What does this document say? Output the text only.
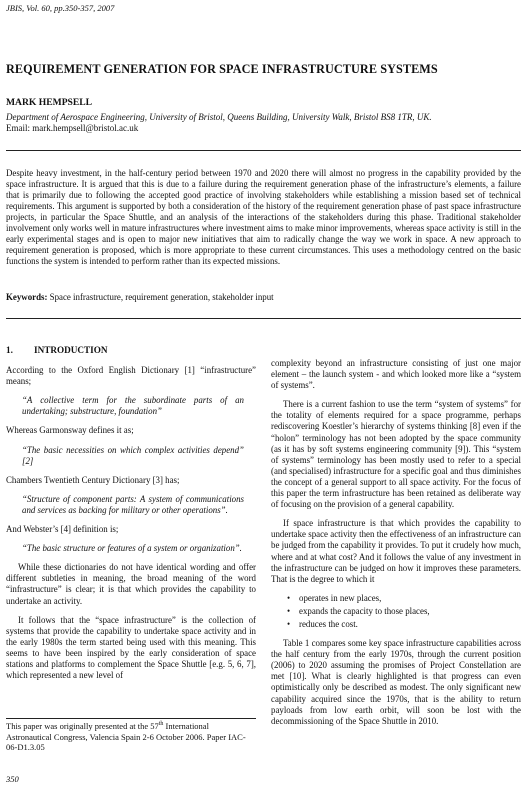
JBIS, Vol. 60, pp.350-357, 2007
REQUIREMENT GENERATION FOR SPACE INFRASTRUCTURE SYSTEMS
MARK HEMPSELL
Department of Aerospace Engineering, University of Bristol, Queens Building, University Walk, Bristol BS8 1TR, UK.
Email: mark.hempsell@bristol.ac.uk
Despite heavy investment, in the half-century period between 1970 and 2020 there will almost no progress in the capability provided by the space infrastructure. It is argued that this is due to a failure during the requirement generation phase of the infrastructure’s elements, a failure that is primarily due to following the accepted good practice of involving stakeholders while establishing a mission based set of technical requirements. This argument is supported by both a consideration of the history of the requirement generation phase of past space infrastructure projects, in particular the Space Shuttle, and an analysis of the interactions of the stakeholders during this phase. Traditional stakeholder involvement only works well in mature infrastructures where investment aims to make minor improvements, whereas space activity is still in the early experimental stages and is open to major new initiatives that aim to radically change the way we work in space. A new approach to requirement generation is proposed, which is more appropriate to these current circumstances. This uses a methodology centred on the basic functions the system is intended to perform rather than its expected missions.
Keywords: Space infrastructure, requirement generation, stakeholder input
1. INTRODUCTION

According to the Oxford English Dictionary [1] “infrastructure” means;

“A collective term for the subordinate parts of an undertaking; substructure, foundation”

Whereas Garmonsway defines it as;

“The basic necessities on which complex activities depend” [2]

Chambers Twentieth Century Dictionary [3] has;

“Structure of component parts: A system of communications and services as backing for military or other operations”.

And Webster’s [4] definition is;

“The basic structure or features of a system or organization”.

While these dictionaries do not have identical wording and offer different subtleties in meaning, the broad meaning of the word “infrastructure” is clear; it is that which provides the capability to undertake an activity.

It follows that the “space infrastructure” is the collection of systems that provide the capability to undertake space activity and in the early 1980s the term started being used with this meaning. This seems to have been inspired by the early consideration of space stations and platforms to complement the Space Shuttle [e.g. 5, 6, 7], which represented a new level of

This paper was originally presented at the 57th International Astronautical Congress, Valencia Spain 2-6 October 2006. Paper IAC-06-D1.3.05

complexity beyond an infrastructure consisting of just one major element – the launch system - and which looked more like a “system of systems”.

There is a current fashion to use the term “system of systems” for the totality of elements required for a space programme, perhaps rediscovering Koestler’s hierarchy of systems thinking [8] even if the “holon” terminology has not been adopted by the space community (as it has by soft systems engineering community [9]). This “system of systems” terminology has been mostly used to refer to a special (and specialised) infrastructure for a specific goal and thus diminishes the concept of a general support to all space activity. For the focus of this paper the term infrastructure has been retained as deliberate way of focusing on the provision of a general capability.

If space infrastructure is that which provides the capability to undertake space activity then the effectiveness of an infrastructure can be judged from the capability it provides. To put it crudely how much, where and at what cost? And it follows the value of any investment in the infrastructure can be judged on how it improves these parameters. That is the degree to which it

• operates in new places,
• expands the capacity to those places,
• reduces the cost.

Table 1 compares some key space infrastructure capabilities across the half century from the early 1970s, through the current position (2006) to 2020 assuming the promises of Project Constellation are met [10]. What is clearly highlighted is that progress can even optimistically only be described as modest. The only significant new capability acquired since the 1970s, that is the ability to return payloads from low earth orbit, will soon be lost with the decommissioning of the Space Shuttle in 2010.

350
